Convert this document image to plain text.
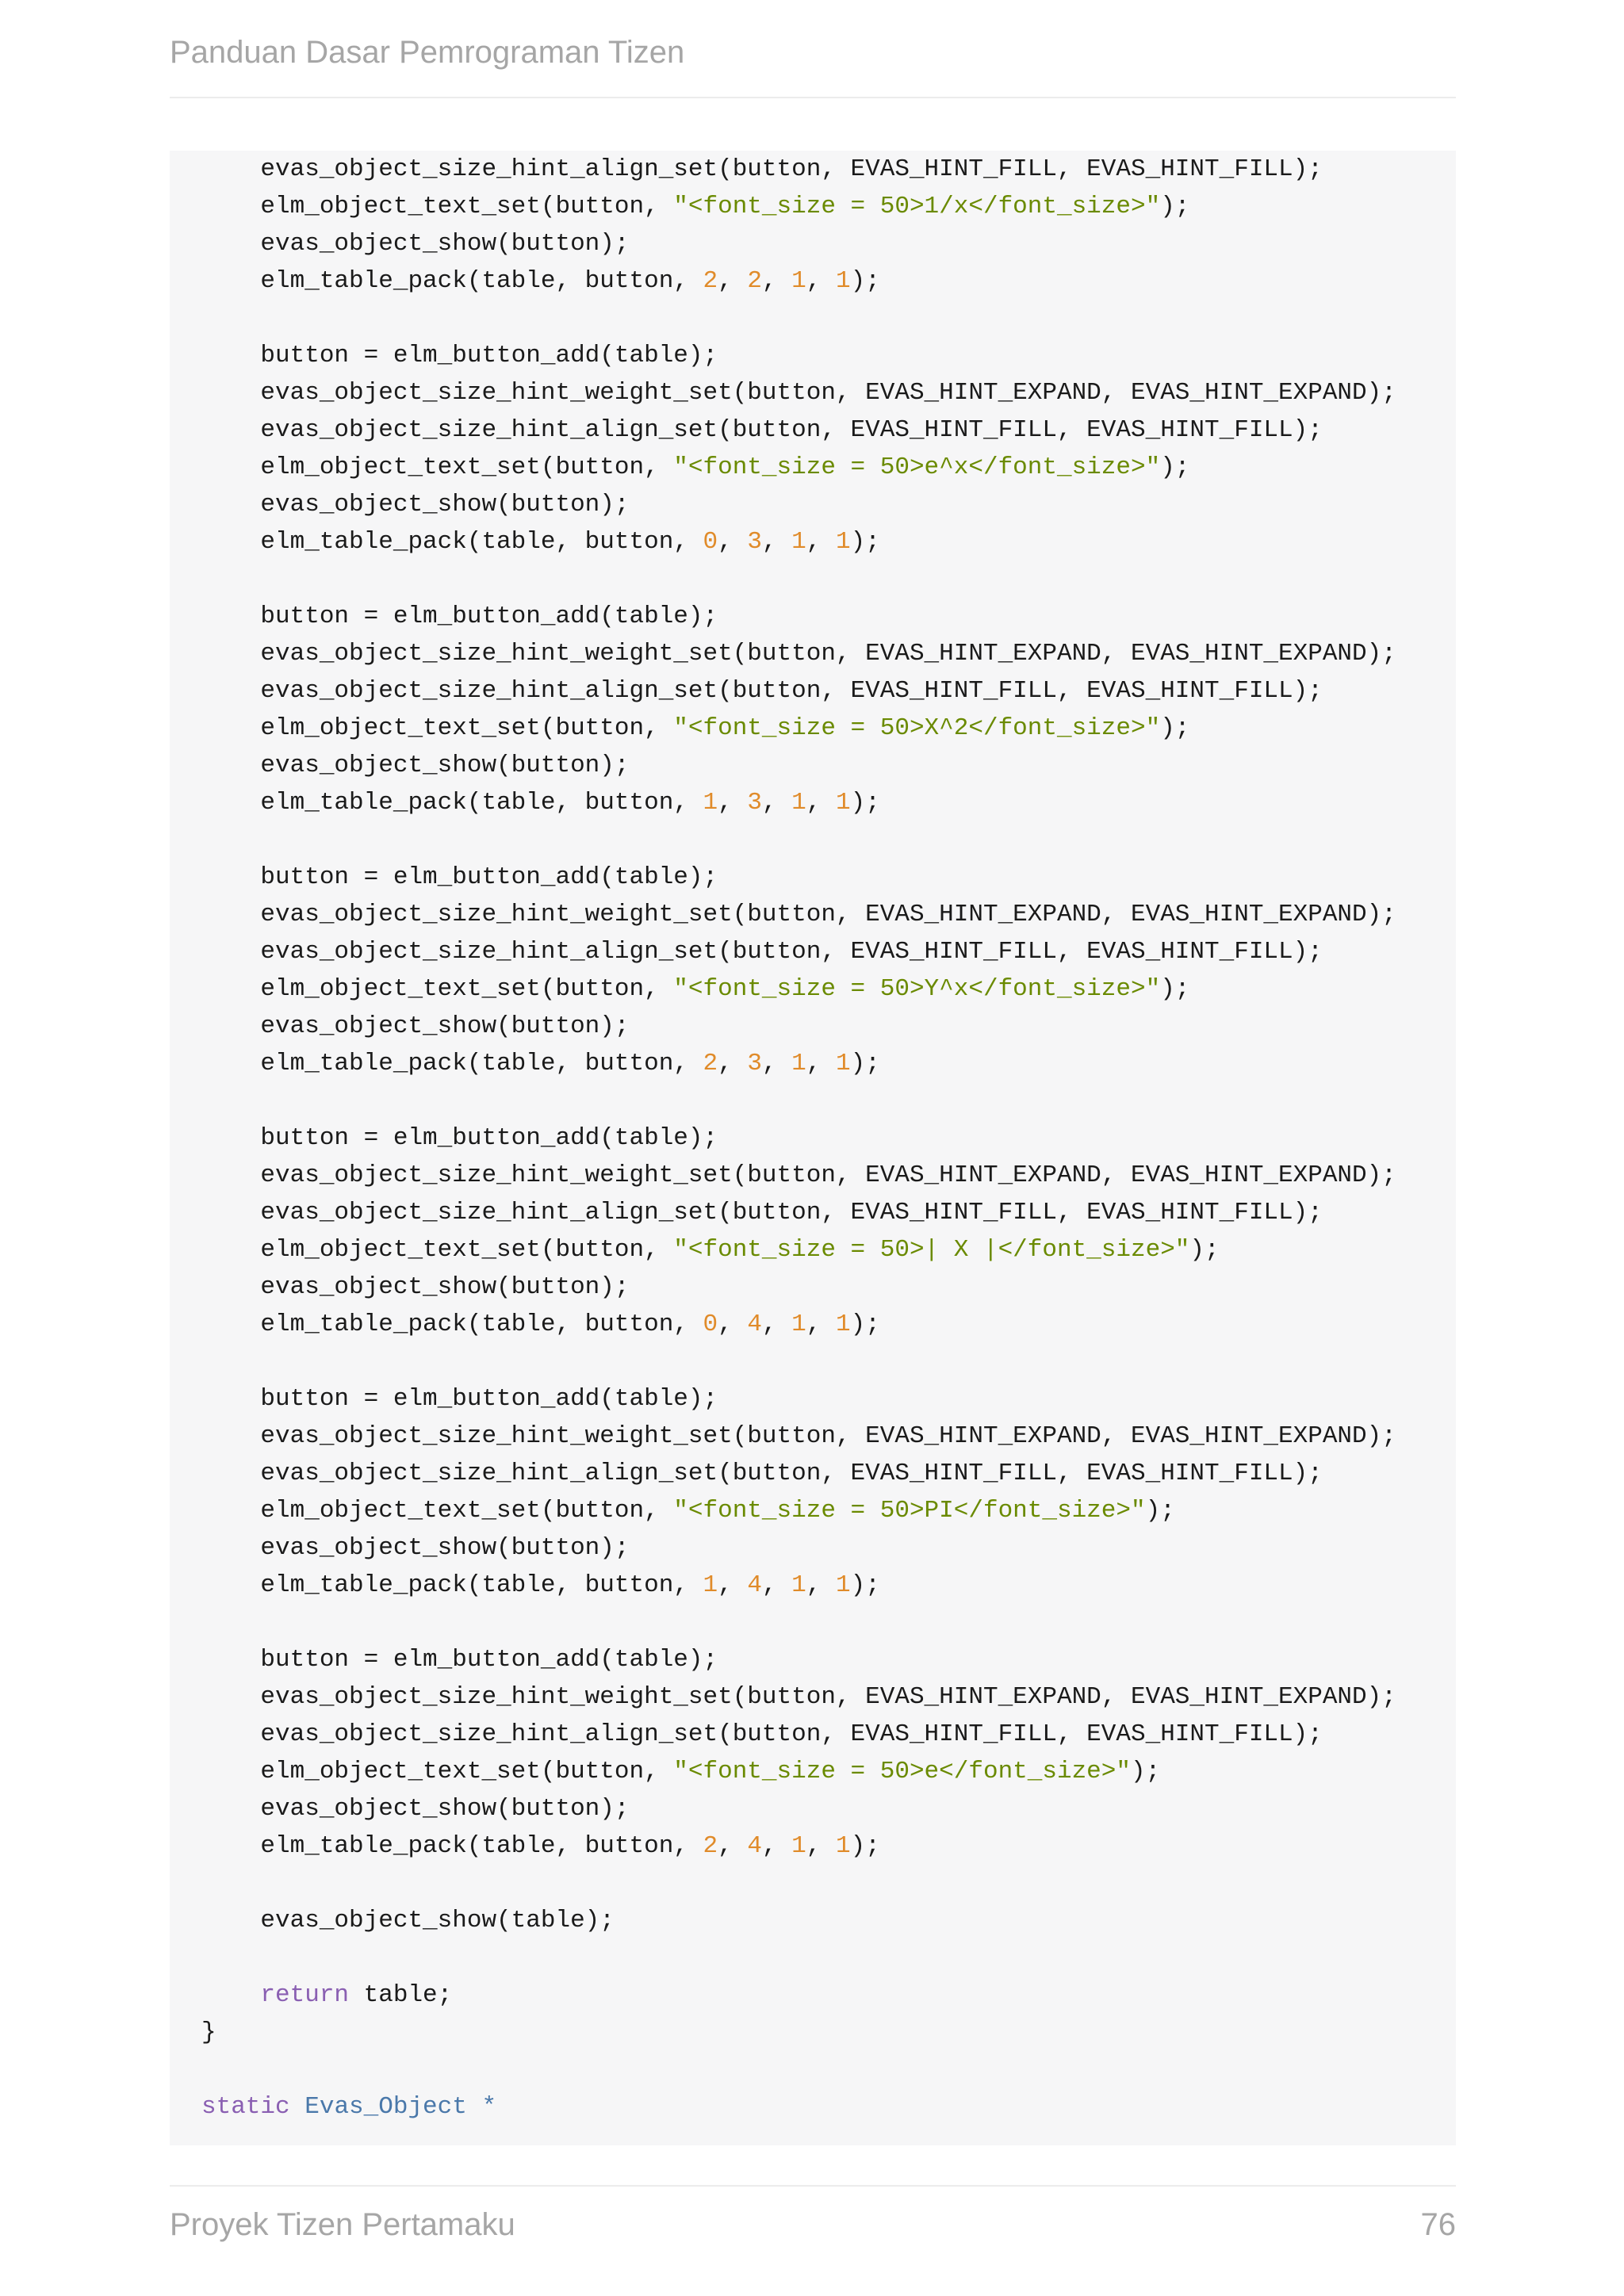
Panduan Dasar Pemrograman Tizen
evas_object_size_hint_align_set(button, EVAS_HINT_FILL, EVAS_HINT_FILL);
elm_object_text_set(button, "<font_size = 50>1/x</font_size>");
evas_object_show(button);
elm_table_pack(table, button, 2, 2, 1, 1);

button = elm_button_add(table);
evas_object_size_hint_weight_set(button, EVAS_HINT_EXPAND, EVAS_HINT_EXPAND);
evas_object_size_hint_align_set(button, EVAS_HINT_FILL, EVAS_HINT_FILL);
elm_object_text_set(button, "<font_size = 50>e^x</font_size>");
evas_object_show(button);
elm_table_pack(table, button, 0, 3, 1, 1);

button = elm_button_add(table);
evas_object_size_hint_weight_set(button, EVAS_HINT_EXPAND, EVAS_HINT_EXPAND);
evas_object_size_hint_align_set(button, EVAS_HINT_FILL, EVAS_HINT_FILL);
elm_object_text_set(button, "<font_size = 50>X^2</font_size>");
evas_object_show(button);
elm_table_pack(table, button, 1, 3, 1, 1);

button = elm_button_add(table);
evas_object_size_hint_weight_set(button, EVAS_HINT_EXPAND, EVAS_HINT_EXPAND);
evas_object_size_hint_align_set(button, EVAS_HINT_FILL, EVAS_HINT_FILL);
elm_object_text_set(button, "<font_size = 50>Y^x</font_size>");
evas_object_show(button);
elm_table_pack(table, button, 2, 3, 1, 1);

button = elm_button_add(table);
evas_object_size_hint_weight_set(button, EVAS_HINT_EXPAND, EVAS_HINT_EXPAND);
evas_object_size_hint_align_set(button, EVAS_HINT_FILL, EVAS_HINT_FILL);
elm_object_text_set(button, "<font_size = 50>| X |</font_size>");
evas_object_show(button);
elm_table_pack(table, button, 0, 4, 1, 1);

button = elm_button_add(table);
evas_object_size_hint_weight_set(button, EVAS_HINT_EXPAND, EVAS_HINT_EXPAND);
evas_object_size_hint_align_set(button, EVAS_HINT_FILL, EVAS_HINT_FILL);
elm_object_text_set(button, "<font_size = 50>PI</font_size>");
evas_object_show(button);
elm_table_pack(table, button, 1, 4, 1, 1);

button = elm_button_add(table);
evas_object_size_hint_weight_set(button, EVAS_HINT_EXPAND, EVAS_HINT_EXPAND);
evas_object_size_hint_align_set(button, EVAS_HINT_FILL, EVAS_HINT_FILL);
elm_object_text_set(button, "<font_size = 50>e</font_size>");
evas_object_show(button);
elm_table_pack(table, button, 2, 4, 1, 1);

evas_object_show(table);

return table;
}

static Evas_Object *
Proyek Tizen Pertamaku	76
